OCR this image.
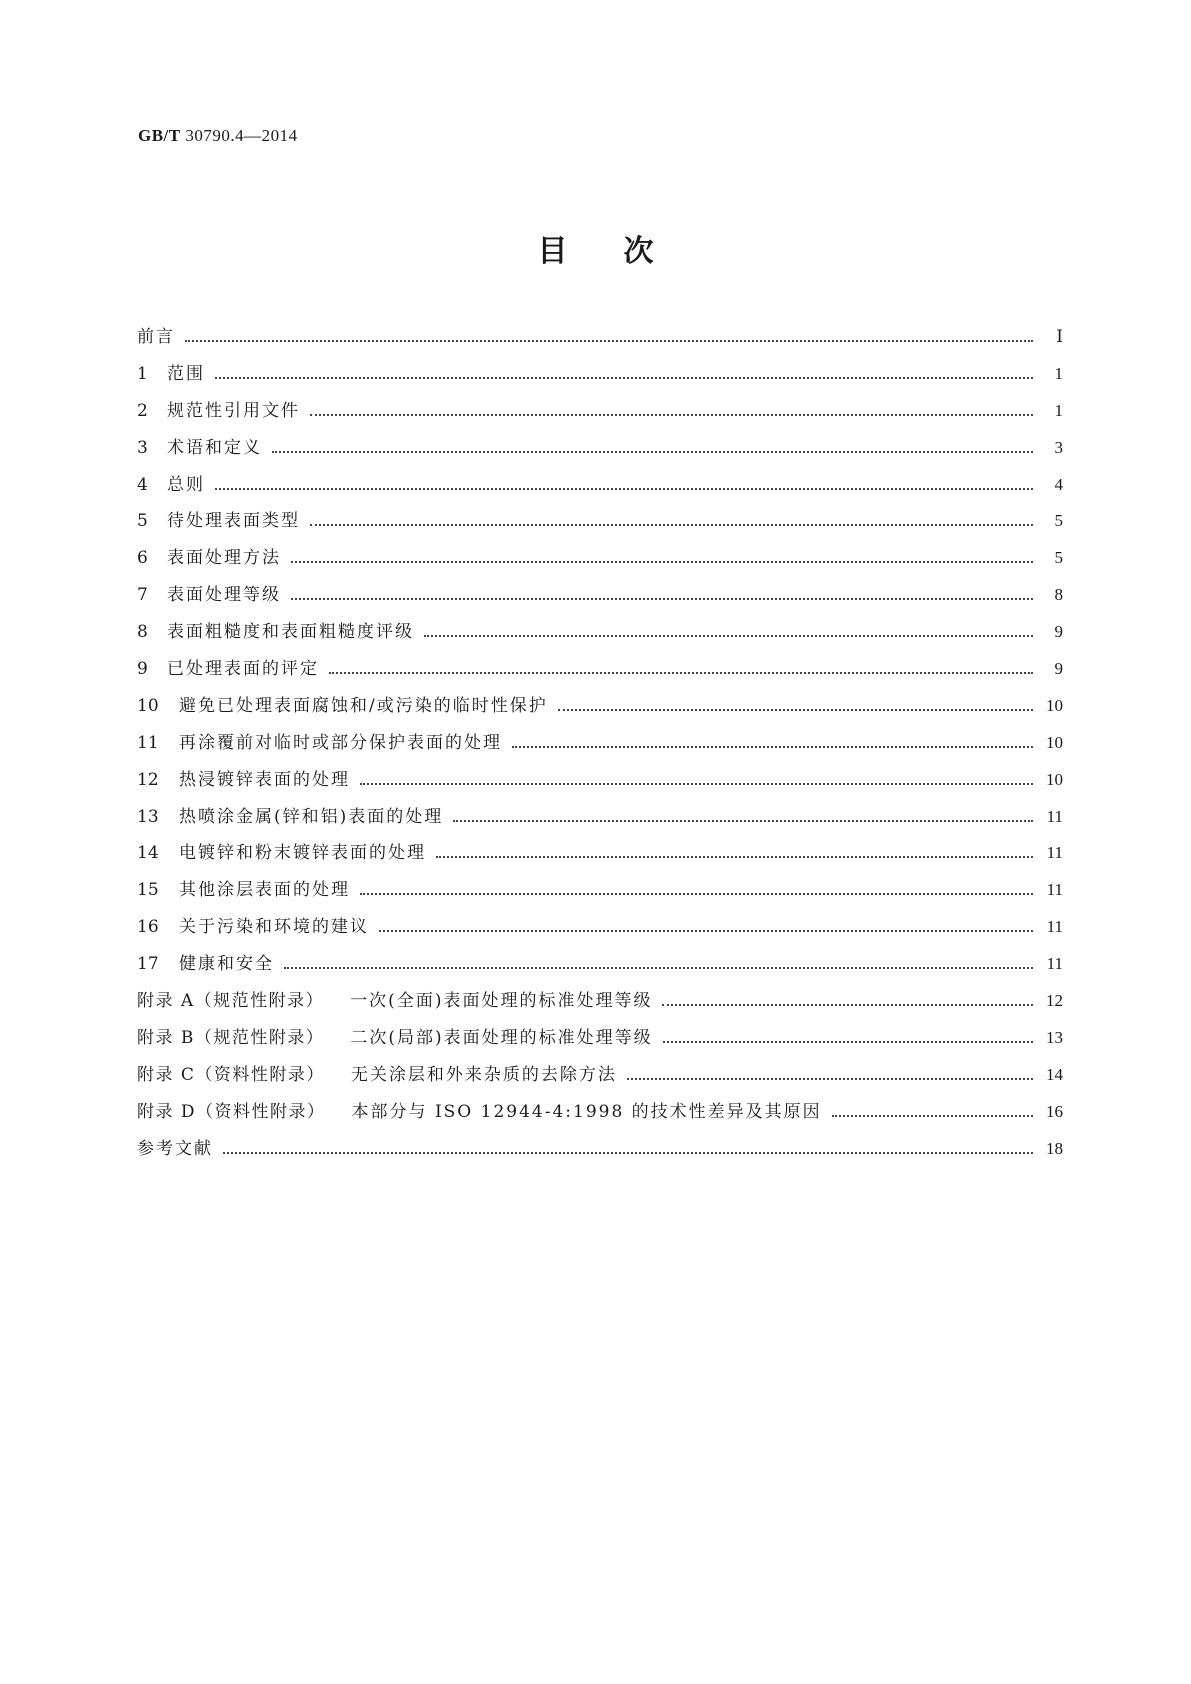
GB/T 30790.4—2014
目次
前言	Ⅰ
1	范围	1
2	规范性引用文件	1
3	术语和定义	3
4	总则	4
5	待处理表面类型	5
6	表面处理方法	5
7	表面处理等级	8
8	表面粗糙度和表面粗糙度评级	9
9	已处理表面的评定	9
10	避免已处理表面腐蚀和/或污染的临时性保护	10
11	再涂覆前对临时或部分保护表面的处理	10
12	热浸镀锌表面的处理	10
13	热喷涂金属(锌和铝)表面的处理	11
14	电镀锌和粉末镀锌表面的处理	11
15	其他涂层表面的处理	11
16	关于污染和环境的建议	11
17	健康和安全	11
附录 A（规范性附录） 一次(全面)表面处理的标准处理等级	12
附录 B（规范性附录） 二次(局部)表面处理的标准处理等级	13
附录 C（资料性附录） 无关涂层和外来杂质的去除方法	14
附录 D（资料性附录） 本部分与 ISO 12944-4:1998 的技术性差异及其原因	16
参考文献	18
